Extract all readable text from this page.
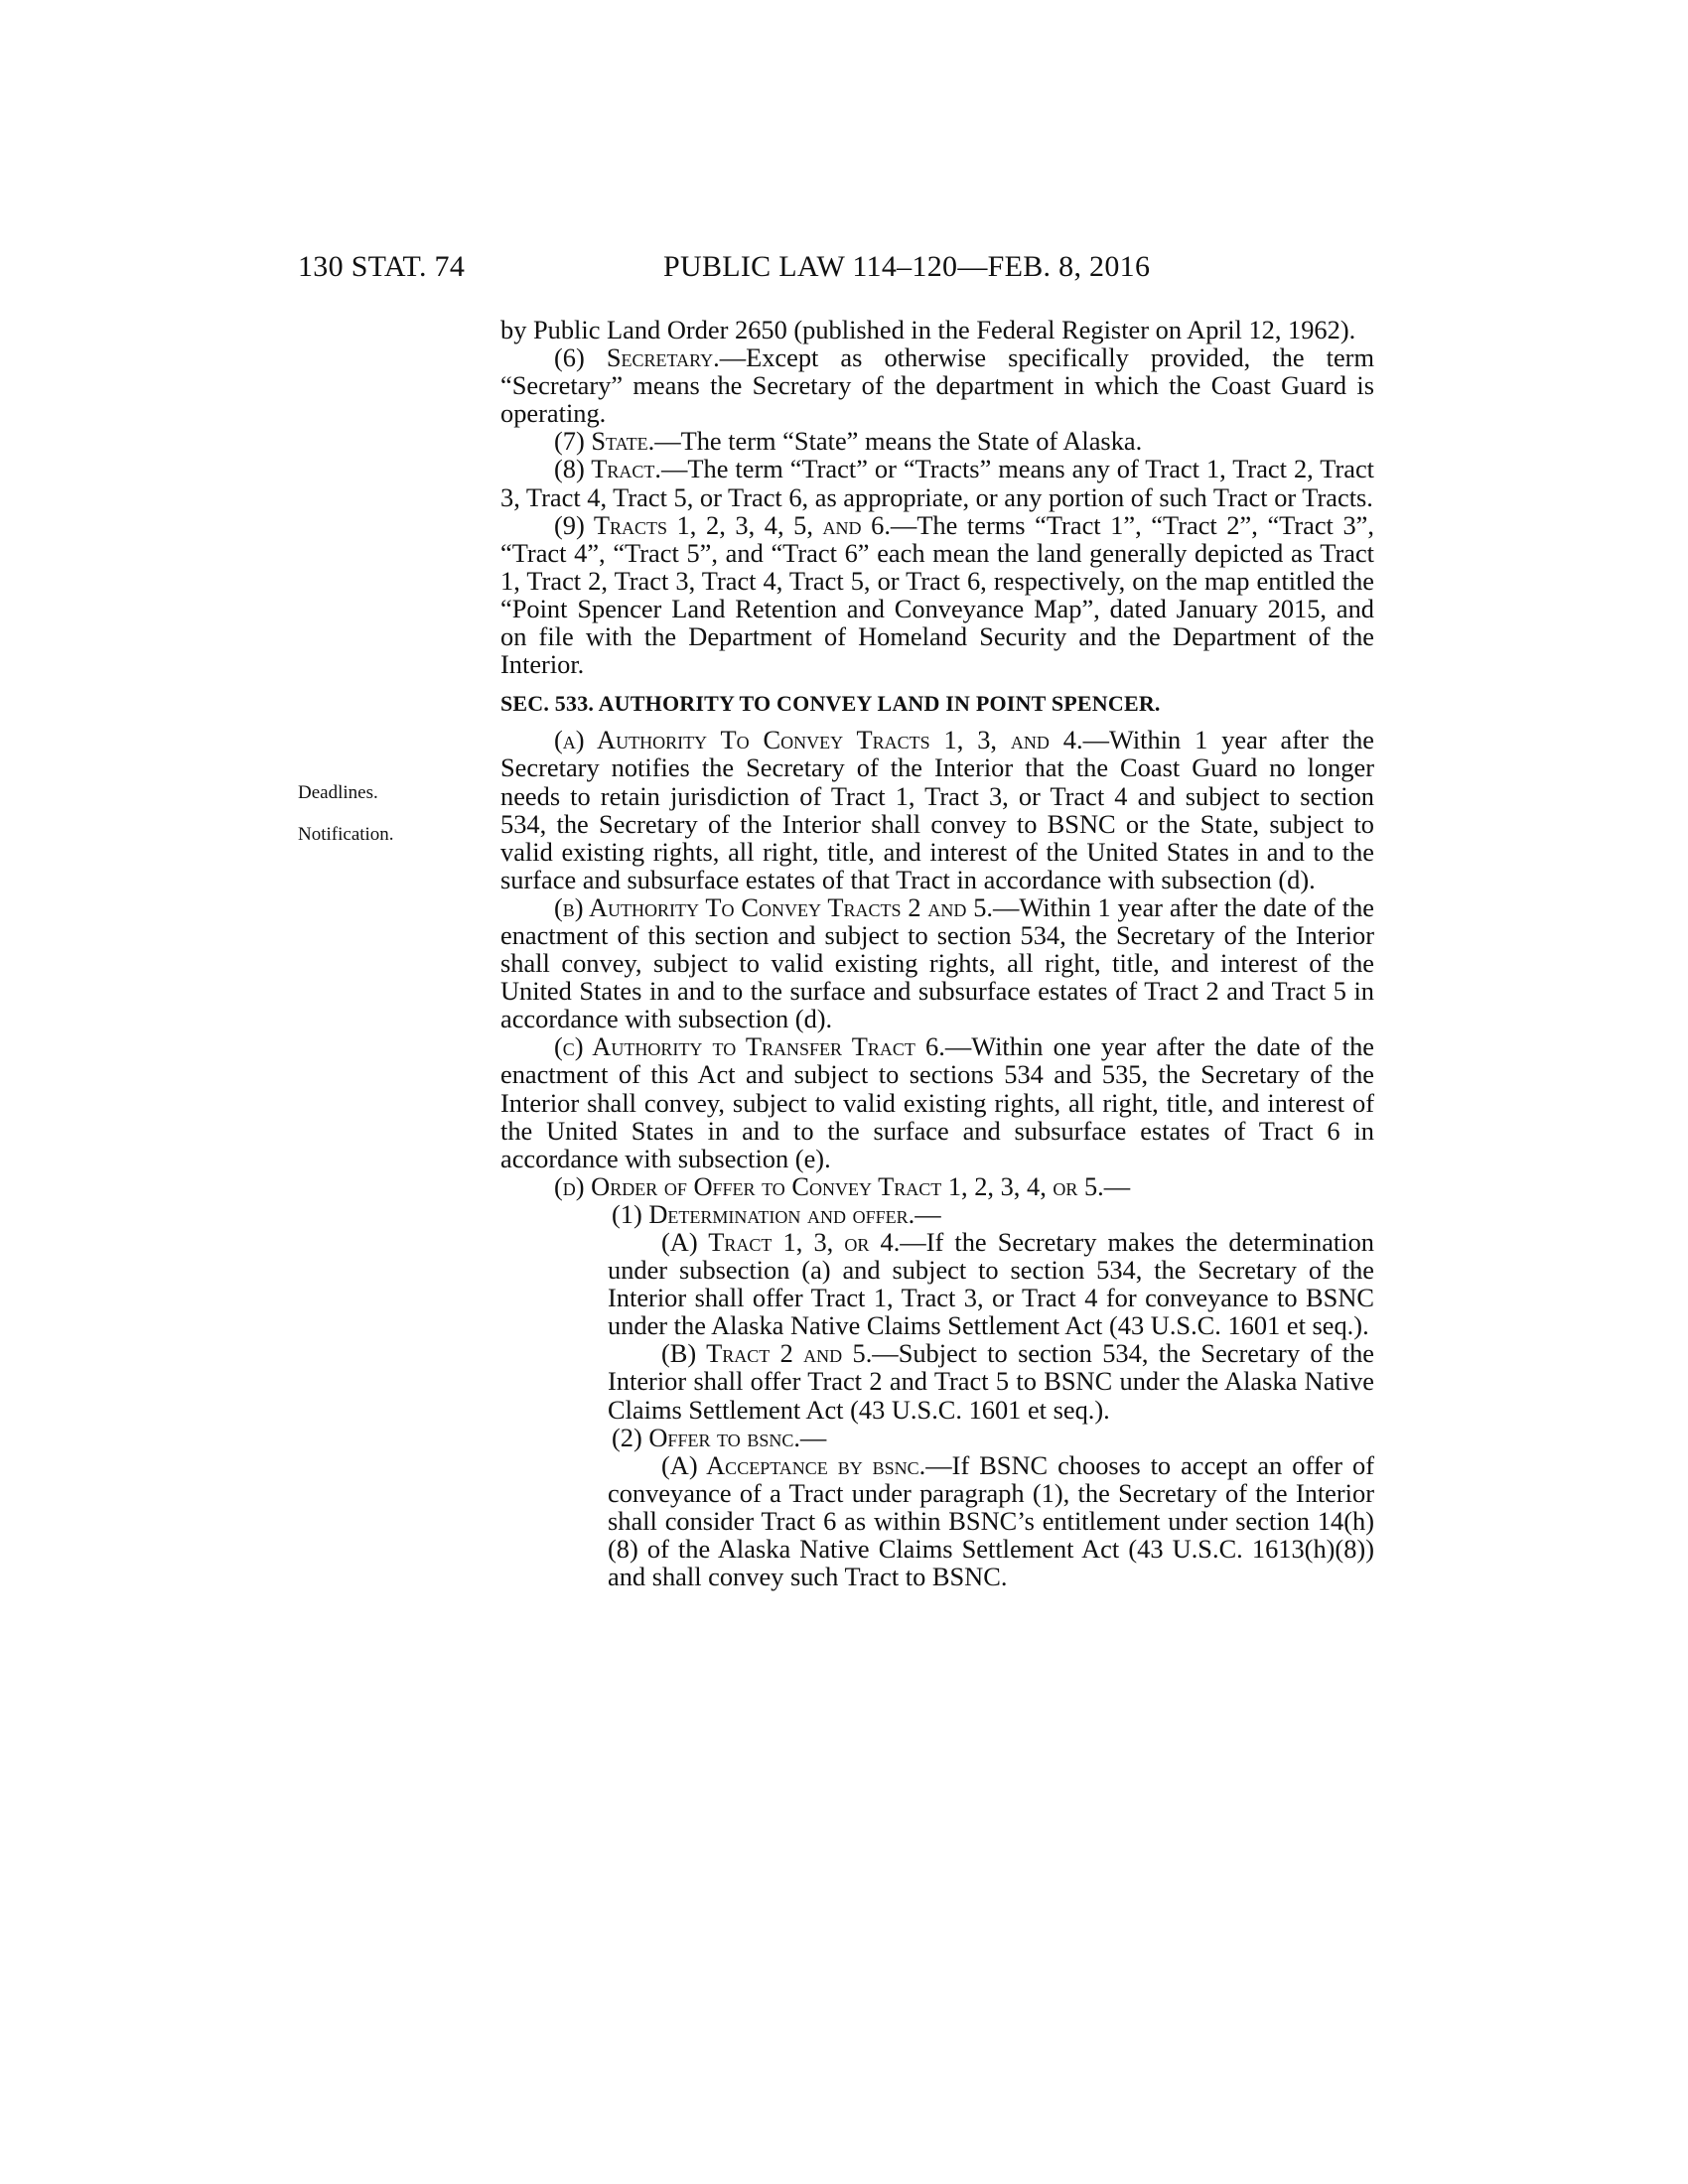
130 STAT. 74	PUBLIC LAW 114–120—FEB. 8, 2016
Deadlines.
Notification.

by Public Land Order 2650 (published in the Federal Register on April 12, 1962).

(6) Secretary.—Except as otherwise specifically provided, the term “Secretary” means the Secretary of the department in which the Coast Guard is operating.

(7) State.—The term “State” means the State of Alaska.

(8) Tract.—The term “Tract” or “Tracts” means any of Tract 1, Tract 2, Tract 3, Tract 4, Tract 5, or Tract 6, as appropriate, or any portion of such Tract or Tracts.

(9) Tracts 1, 2, 3, 4, 5, and 6.—The terms “Tract 1”, “Tract 2”, “Tract 3”, “Tract 4”, “Tract 5”, and “Tract 6” each mean the land generally depicted as Tract 1, Tract 2, Tract 3, Tract 4, Tract 5, or Tract 6, respectively, on the map entitled the “Point Spencer Land Retention and Conveyance Map”, dated January 2015, and on file with the Department of Homeland Security and the Department of the Interior.

SEC. 533. AUTHORITY TO CONVEY LAND IN POINT SPENCER.

(a) Authority To Convey Tracts 1, 3, and 4.—Within 1 year after the Secretary notifies the Secretary of the Interior that the Coast Guard no longer needs to retain jurisdiction of Tract 1, Tract 3, or Tract 4 and subject to section 534, the Secretary of the Interior shall convey to BSNC or the State, subject to valid existing rights, all right, title, and interest of the United States in and to the surface and subsurface estates of that Tract in accordance with subsection (d).

(b) Authority To Convey Tracts 2 and 5.—Within 1 year after the date of the enactment of this section and subject to section 534, the Secretary of the Interior shall convey, subject to valid existing rights, all right, title, and interest of the United States in and to the surface and subsurface estates of Tract 2 and Tract 5 in accordance with subsection (d).

(c) Authority to Transfer Tract 6.—Within one year after the date of the enactment of this Act and subject to sections 534 and 535, the Secretary of the Interior shall convey, subject to valid existing rights, all right, title, and interest of the United States in and to the surface and subsurface estates of Tract 6 in accordance with subsection (e).

(d) Order of Offer to Convey Tract 1, 2, 3, 4, or 5.—

(1) Determination and offer.—

(A) Tract 1, 3, or 4.—If the Secretary makes the determination under subsection (a) and subject to section 534, the Secretary of the Interior shall offer Tract 1, Tract 3, or Tract 4 for conveyance to BSNC under the Alaska Native Claims Settlement Act (43 U.S.C. 1601 et seq.).

(B) Tract 2 and 5.—Subject to section 534, the Secretary of the Interior shall offer Tract 2 and Tract 5 to BSNC under the Alaska Native Claims Settlement Act (43 U.S.C. 1601 et seq.).

(2) Offer to bsnc.—

(A) Acceptance by bsnc.—If BSNC chooses to accept an offer of conveyance of a Tract under paragraph (1), the Secretary of the Interior shall consider Tract 6 as within BSNC’s entitlement under section 14(h)(8) of the Alaska Native Claims Settlement Act (43 U.S.C. 1613(h)(8)) and shall convey such Tract to BSNC.
